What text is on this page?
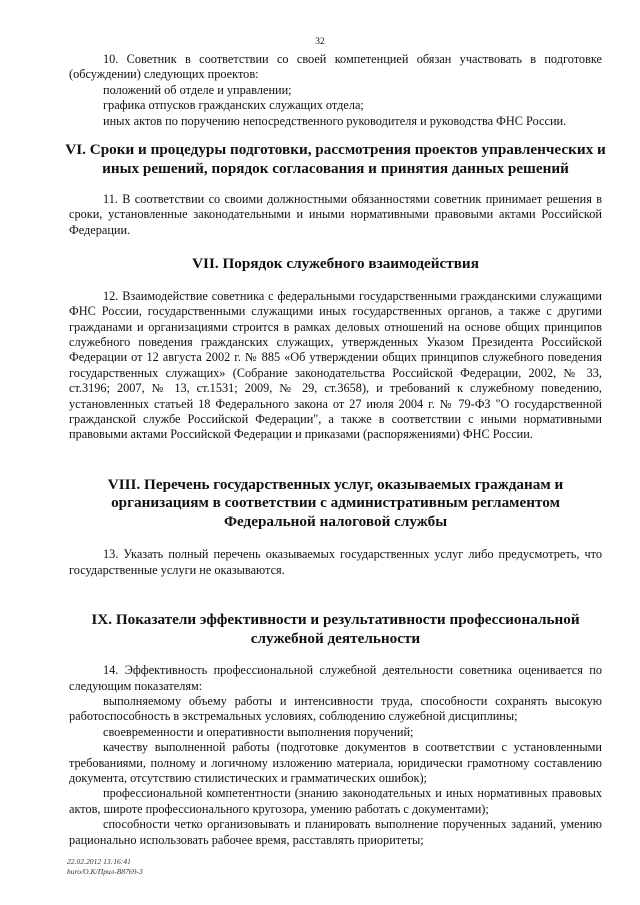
32

10. Советник в соответствии со своей компетенцией обязан участвовать в подготовке (обсуждении) следующих проектов:

положений об отделе и управлении;

графика отпусков гражданских служащих отдела;

иных актов по поручению непосредственного руководителя и руководства ФНС России.

VI. Сроки и процедуры подготовки, рассмотрения проектов управленческих и иных решений, порядок согласования и принятия данных решений

11. В соответствии со своими должностными обязанностями советник принимает решения в сроки, установленные законодательными и иными нормативными правовыми актами Российской Федерации.

VII. Порядок служебного взаимодействия

12. Взаимодействие советника с федеральными государственными гражданскими служащими ФНС России, государственными служащими иных государственных органов, а также с другими гражданами и организациями строится в рамках деловых отношений на основе общих принципов служебного поведения гражданских служащих, утвержденных Указом Президента Российской Федерации от 12 августа 2002 г. № 885 «Об утверждении общих принципов служебного поведения государственных служащих» (Собрание законодательства Российской Федерации, 2002, № 33, ст.3196; 2007, № 13, ст.1531; 2009, № 29, ст.3658), и требований к служебному поведению, установленных статьей 18 Федерального закона от 27 июля 2004 г. № 79-ФЗ "О государственной гражданской службе Российской Федерации", а также в соответствии с иными нормативными правовыми актами Российской Федерации и приказами (распоряжениями) ФНС России.

VIII. Перечень государственных услуг, оказываемых гражданам и организациям в соответствии с административным регламентом Федеральной налоговой службы

13. Указать полный перечень оказываемых государственных услуг либо предусмотреть, что государственные услуги не оказываются.

IX. Показатели эффективности и результативности профессиональной служебной деятельности

14. Эффективность профессиональной служебной деятельности советника оценивается по следующим показателям:

выполняемому объему работы и интенсивности труда, способности сохранять высокую работоспособность в экстремальных условиях, соблюдению служебной дисциплины;

своевременности и оперативности выполнения поручений;

качеству выполненной работы (подготовке документов в соответствии с установленными требованиями, полному и логичному изложению материала, юридически грамотному составлению документа, отсутствию стилистических и грамматических ошибок);

профессиональной компетентности (знанию законодательных и иных нормативных правовых актов, широте профессионального кругозора, умению работать с документами);

способности четко организовывать и планировать выполнение порученных заданий, умению рационально использовать рабочее время, расставлять приоритеты;

22.02.2012 13:16:41
buro/O.K/Прил-B8769-3
